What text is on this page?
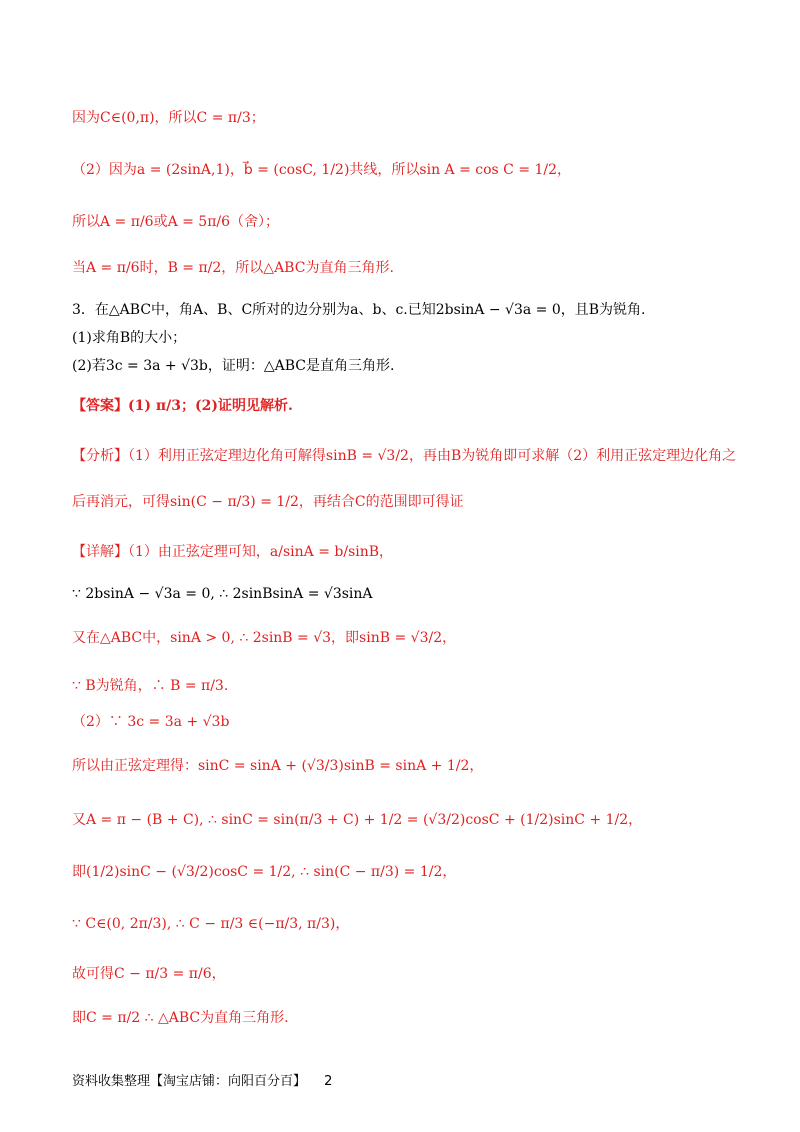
因为C∈(0,π)，所以C = π/3；
（2）因为a = (2sinA,1)，b⃗ = (cosC, 1/2)共线，所以sin A = cos C = 1/2，
所以A = π/6或A = 5π/6（舍）；
当A = π/6时，B = π/2，所以△ABC为直角三角形.
3．在△ABC中，角A、B、C所对的边分别为a、b、c.已知2bsinA − √3a = 0，且B为锐角.
(1)求角B的大小；
(2)若3c = 3a + √3b，证明：△ABC是直角三角形.
【答案】(1) π/3；(2)证明见解析.
【分析】（1）利用正弦定理边化角可解得sinB = √3/2，再由B为锐角即可求解（2）利用正弦定理边化角之
后再消元，可得sin(C − π/3) = 1/2，再结合C的范围即可得证
【详解】（1）由正弦定理可知，a/sinA = b/sinB，
∵ 2bsinA − √3a = 0, ∴ 2sinBsinA = √3sinA
又在△ABC中，sinA > 0, ∴ 2sinB = √3，即sinB = √3/2，
∵ B为锐角，∴ B = π/3.
（2）∵ 3c = 3a + √3b
所以由正弦定理得：sinC = sinA + (√3/3)sinB = sinA + 1/2，
又A = π − (B + C), ∴ sinC = sin(π/3 + C) + 1/2 = (√3/2)cosC + (1/2)sinC + 1/2，
即(1/2)sinC − (√3/2)cosC = 1/2, ∴ sin(C − π/3) = 1/2，
∵ C∈(0, 2π/3), ∴ C − π/3 ∈(−π/3, π/3)，
故可得C − π/3 = π/6，
即C = π/2 ∴ △ABC为直角三角形.
资料收集整理【淘宝店铺：向阳百分百】 2
